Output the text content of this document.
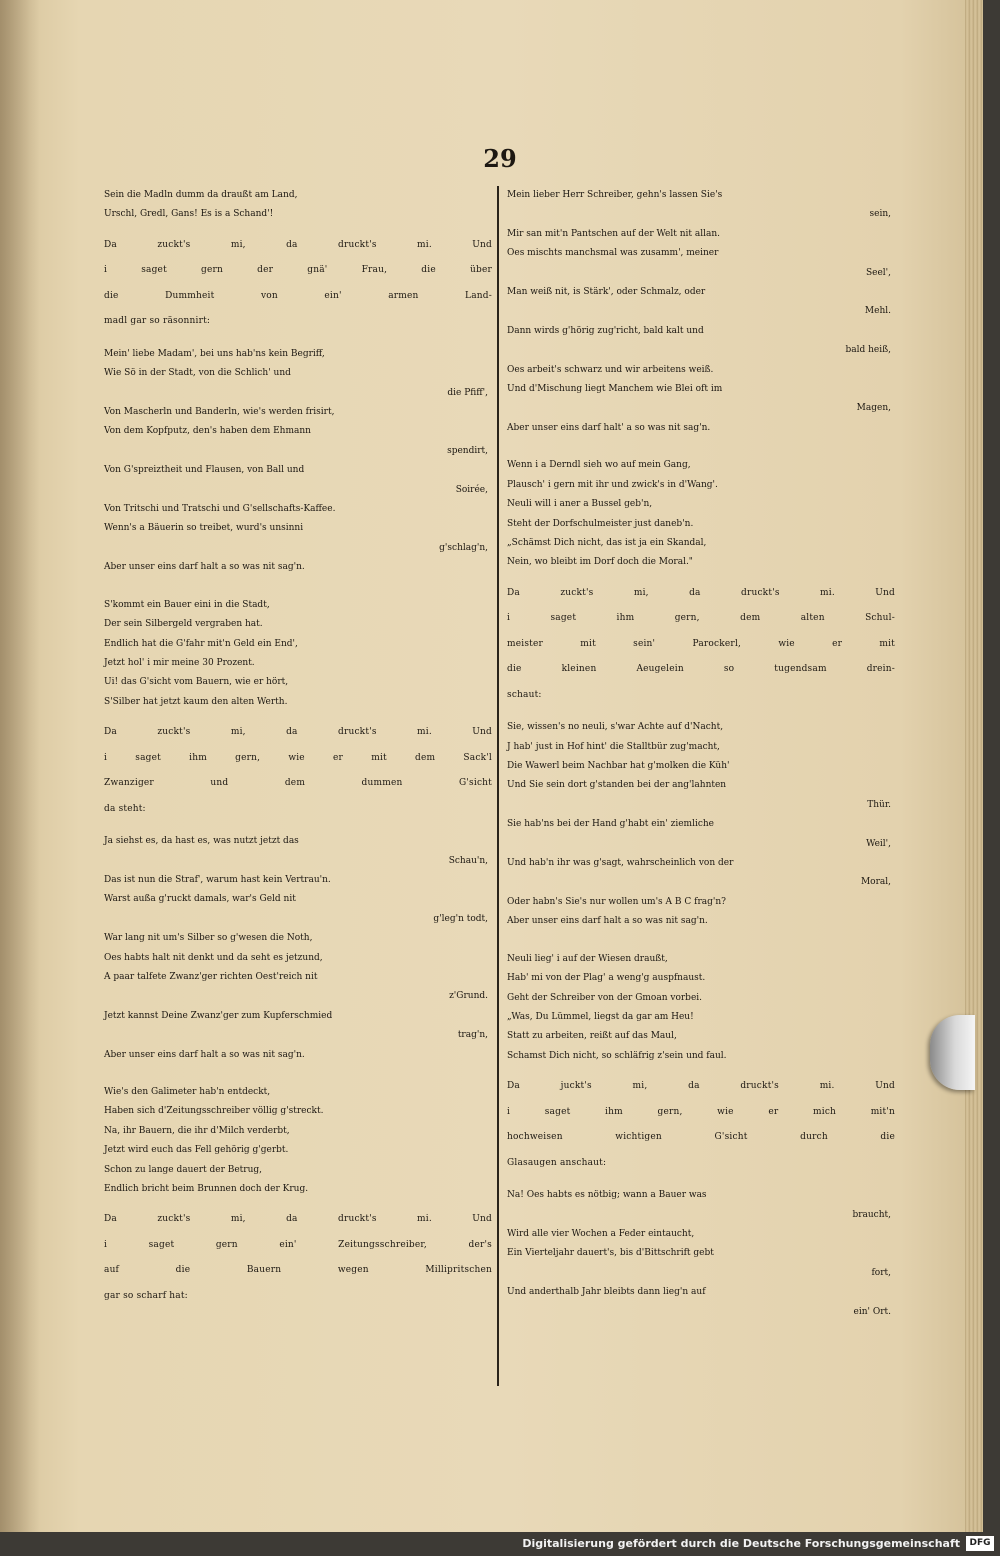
29

Sein die Madln dumm da draußt am Land,

Urschl, Gredl, Gans! Es is a Schand'!

Da zuckt's mi, da druckt's mi. Und
i saget gern der gnä' Frau, die über
die Dummheit von ein' armen Land-
madl gar so räsonnirt:

Mein' liebe Madam', bei uns hab'ns kein Begriff,

Wie Sö in der Stadt, von die Schlich' und

die Pfiff',

Von Mascherln und Banderln, wie's werden frisirt,

Von dem Kopfputz, den's haben dem Ehmann

spendirt,

Von G'spreiztheit und Flausen, von Ball und

Soirée,

Von Tritschi und Tratschi und G'sellschafts-Kaffee.

Wenn's a Bäuerin so treibet, wurd's unsinni

g'schlag'n,

Aber unser eins darf halt a so was nit sag'n.

S'kommt ein Bauer eini in die Stadt,

Der sein Silbergeld vergraben hat.

Endlich hat die G'fahr mit'n Geld ein End',

Jetzt hol' i mir meine 30 Prozent.

Ui! das G'sicht vom Bauern, wie er hört,

S'Silber hat jetzt kaum den alten Werth.

Da zuckt's mi, da druckt's mi. Und
i saget ihm gern, wie er mit dem Sack'l
Zwanziger und dem dummen G'sicht
da steht:

Ja siehst es, da hast es, was nutzt jetzt das

Schau'n,

Das ist nun die Straf', warum hast kein Vertrau'n.

Warst außa g'ruckt damals, war's Geld nit

g'leg'n todt,

War lang nit um's Silber so g'wesen die Noth,

Oes habts halt nit denkt und da seht es jetzund,

A paar talfete Zwanz'ger richten Oest'reich nit

z'Grund.

Jetzt kannst Deine Zwanz'ger zum Kupferschmied

trag'n,

Aber unser eins darf halt a so was nit sag'n.

Wie's den Galimeter hab'n entdeckt,

Haben sich d'Zeitungsschreiber völlig g'streckt.

Na, ihr Bauern, die ihr d'Milch verderbt,

Jetzt wird euch das Fell gehörig g'gerbt.

Schon zu lange dauert der Betrug,

Endlich bricht beim Brunnen doch der Krug.

Da zuckt's mi, da druckt's mi. Und
i saget gern ein' Zeitungsschreiber, der's
auf die Bauern wegen Millipritschen
gar so scharf hat:

Mein lieber Herr Schreiber, gehn's lassen Sie's

sein,

Mir san mit'n Pantschen auf der Welt nit allan.

Oes mischts manchsmal was zusamm', meiner

Seel',

Man weiß nit, is Stärk', oder Schmalz, oder

Mehl.

Dann wirds g'hörig zug'richt, bald kalt und

bald heiß,

Oes arbeit's schwarz und wir arbeitens weiß.

Und d'Mischung liegt Manchem wie Blei oft im

Magen,

Aber unser eins darf halt' a so was nit sag'n.

Wenn i a Derndl sieh wo auf mein Gang,

Plausch' i gern mit ihr und zwick's in d'Wang'.

Neuli will i aner a Bussel geb'n,

Steht der Dorfschulmeister just daneb'n.

„Schämst Dich nicht, das ist ja ein Skandal,

Nein, wo bleibt im Dorf doch die Moral."

Da zuckt's mi, da druckt's mi. Und
i saget ihm gern, dem alten Schul-
meister mit sein' Parockerl, wie er mit
die kleinen Aeugelein so tugendsam drein-
schaut:

Sie, wissen's no neuli, s'war Achte auf d'Nacht,

J hab' just in Hof hint' die Stalltbür zug'macht,

Die Wawerl beim Nachbar hat g'molken die Küh'

Und Sie sein dort g'standen bei der ang'lahnten

Thür.

Sie hab'ns bei der Hand g'habt ein' ziemliche

Weil',

Und hab'n ihr was g'sagt, wahrscheinlich von der

Moral,

Oder habn's Sie's nur wollen um's A B C frag'n?

Aber unser eins darf halt a so was nit sag'n.

Neuli lieg' i auf der Wiesen draußt,

Hab' mi von der Plag' a weng'g auspfnaust.

Geht der Schreiber von der Gmoan vorbei.

„Was, Du Lümmel, liegst da gar am Heu!

Statt zu arbeiten, reißt auf das Maul,

Schamst Dich nicht, so schläfrig z'sein und faul.

Da juckt's mi, da druckt's mi. Und
i saget ihm gern, wie er mich mit'n
hochweisen wichtigen G'sicht durch die
Glasaugen anschaut:

Na! Oes habts es nötbig; wann a Bauer was

braucht,

Wird alle vier Wochen a Feder eintaucht,

Ein Vierteljahr dauert's, bis d'Bittschrift gebt

fort,

Und anderthalb Jahr bleibts dann lieg'n auf

ein' Ort.

Digitalisierung gefördert durch die Deutsche Forschungsgemeinschaft	DFG
